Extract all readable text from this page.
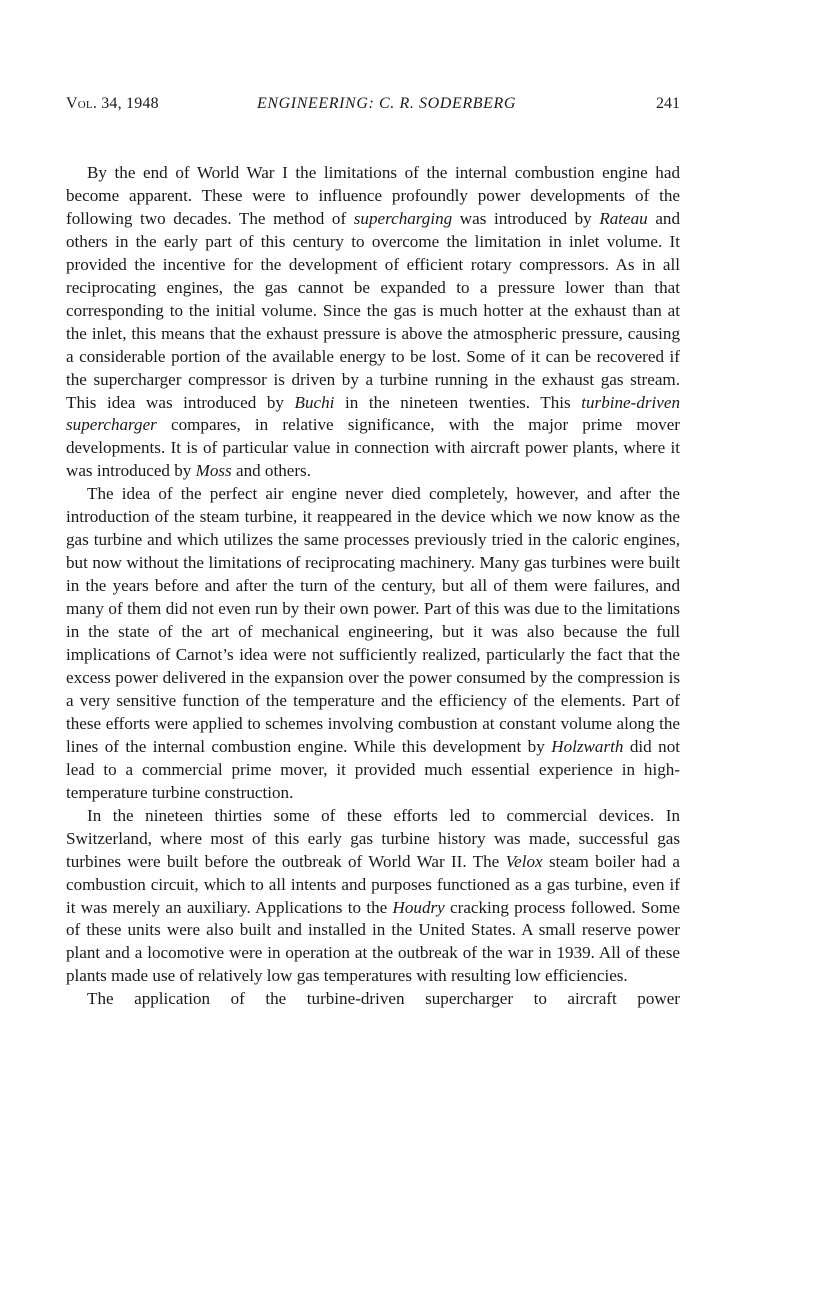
Vol. 34, 1948	ENGINEERING: C. R. SODERBERG	241

By the end of World War I the limitations of the internal combustion engine had become apparent. These were to influence profoundly power developments of the following two decades. The method of supercharging was introduced by Rateau and others in the early part of this century to overcome the limitation in inlet volume. It provided the incentive for the development of efficient rotary compressors. As in all reciprocating engines, the gas cannot be expanded to a pressure lower than that corresponding to the initial volume. Since the gas is much hotter at the exhaust than at the inlet, this means that the exhaust pressure is above the atmospheric pressure, causing a considerable portion of the available energy to be lost. Some of it can be recovered if the supercharger compressor is driven by a turbine running in the exhaust gas stream. This idea was introduced by Buchi in the nineteen twenties. This turbine-driven supercharger compares, in relative significance, with the major prime mover developments. It is of particular value in connection with aircraft power plants, where it was introduced by Moss and others.

The idea of the perfect air engine never died completely, however, and after the introduction of the steam turbine, it reappeared in the device which we now know as the gas turbine and which utilizes the same processes previously tried in the caloric engines, but now without the limitations of reciprocating machinery. Many gas turbines were built in the years before and after the turn of the century, but all of them were failures, and many of them did not even run by their own power. Part of this was due to the limitations in the state of the art of mechanical engineering, but it was also because the full implications of Carnot’s idea were not sufficiently realized, particularly the fact that the excess power delivered in the expansion over the power consumed by the compression is a very sensitive function of the temperature and the efficiency of the elements. Part of these efforts were applied to schemes involving combustion at constant volume along the lines of the internal combustion engine. While this development by Holzwarth did not lead to a commercial prime mover, it provided much essential experience in high-temperature turbine construction.

In the nineteen thirties some of these efforts led to commercial devices. In Switzerland, where most of this early gas turbine history was made, successful gas turbines were built before the outbreak of World War II. The Velox steam boiler had a combustion circuit, which to all intents and purposes functioned as a gas turbine, even if it was merely an auxiliary. Applications to the Houdry cracking process followed. Some of these units were also built and installed in the United States. A small reserve power plant and a locomotive were in operation at the outbreak of the war in 1939. All of these plants made use of relatively low gas temperatures with resulting low efficiencies.

The application of the turbine-driven supercharger to aircraft power
